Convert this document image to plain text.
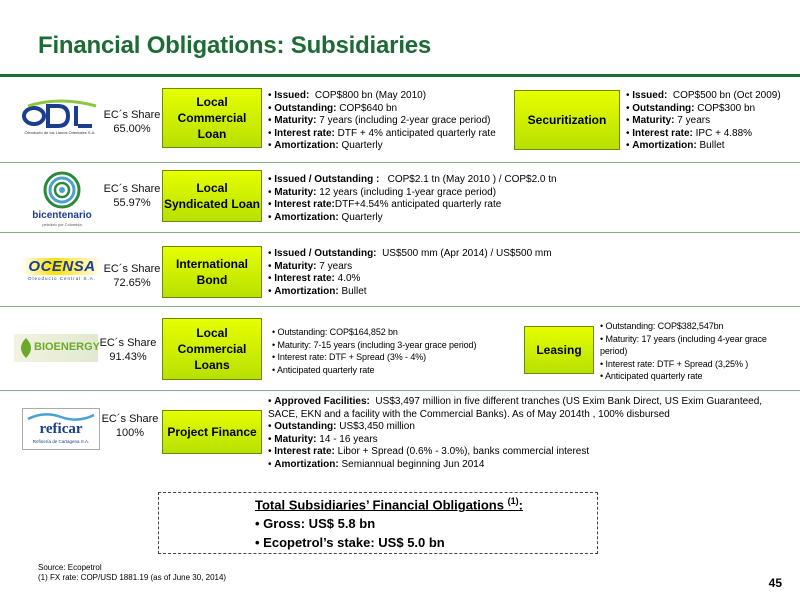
Financial Obligations: Subsidiaries
Oleoducto de los Llanos Orientales S.A.
EC´s Share
65.00%
Local Commercial Loan
• Issued: COP$800 bn (May 2010)
• Outstanding: COP$640 bn
• Maturity: 7 years (including 2-year grace period)
• Interest rate: DTF + 4% anticipated quarterly rate
• Amortization: Quarterly
Securitization
• Issued: COP$500 bn (Oct 2009)
• Outstanding: COP$300 bn
• Maturity: 7 years
• Interest rate: IPC + 4.88%
• Amortization: Bullet
bicentenario
petróleo por Colombia
EC´s Share
55.97%
Local Syndicated Loan
• Issued / Outstanding : COP$2.1 tn (May 2010 ) / COP$2.0 tn
• Maturity: 12 years (including 1-year grace period)
• Interest rate:DTF+4.54% anticipated quarterly rate
• Amortization: Quarterly
OCENSA
Oleoducto Central S.A.
EC´s Share
72.65%
International Bond
• Issued / Outstanding: US$500 mm (Apr 2014) / US$500 mm
• Maturity: 7 years
• Interest rate: 4.0%
• Amortization: Bullet
BIOENERGY EC´s Share
91.43%
Local Commercial Loans
• Outstanding: COP$164,852 bn
• Maturity: 7-15 years (including 3-year grace period)
• Interest rate: DTF + Spread (3% - 4%)
• Anticipated quarterly rate
Leasing
• Outstanding: COP$382,547bn
• Maturity: 17 years (including 4-year grace period)
• Interest rate: DTF + Spread (3,25% )
• Anticipated quarterly rate
reficar
Refinería de Cartagena S.A.
EC´s Share
100%	Project Finance
• Approved Facilities: US$3,497 million in five different tranches (US Exim Bank Direct, US Exim Guaranteed, SACE, EKN and a facility with the Commercial Banks). As of May 2014th , 100% disbursed
• Outstanding: US$3,450 million
• Maturity: 14 - 16 years
• Interest rate: Libor + Spread (0.6% - 3.0%), banks commercial interest
• Amortization: Semiannual beginning Jun 2014
Total Subsidiaries’ Financial Obligations $^{(1)}$:
• Gross: US$ 5.8 bn
• Ecopetrol’s stake: US$ 5.0 bn
Source: Ecopetrol
(1) FX rate: COP/USD 1881.19 (as of June 30, 2014)	45
